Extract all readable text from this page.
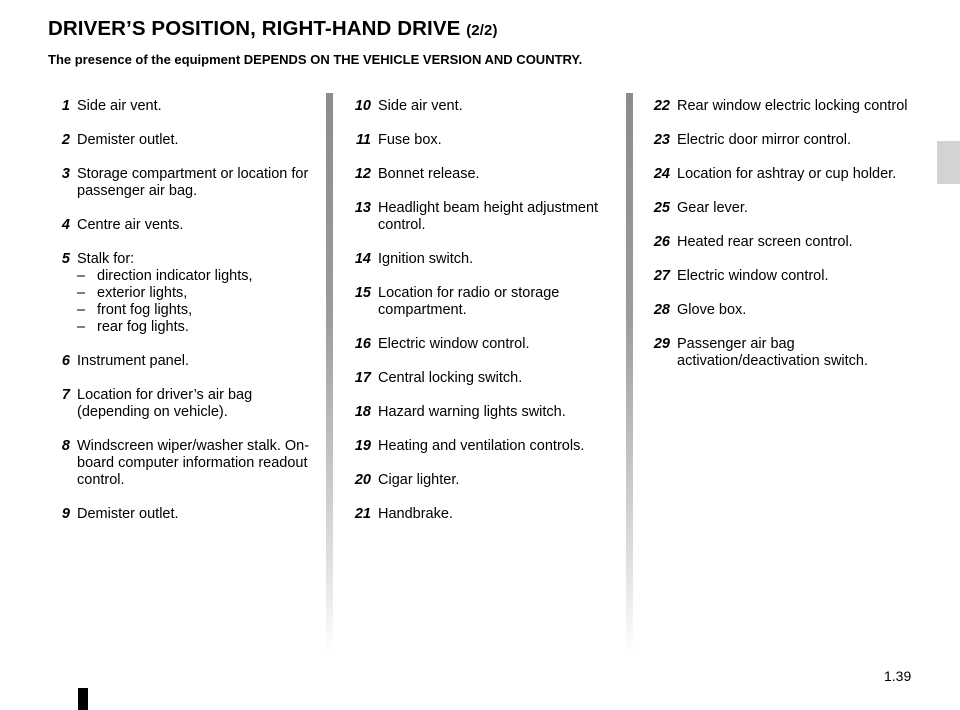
DRIVER’S POSITION, RIGHT-HAND DRIVE (2/2)

The presence of the equipment DEPENDS ON THE VEHICLE VERSION AND COUNTRY.

1 Side air vent.
2 Demister outlet.
3 Storage compartment or location for passenger air bag.
4 Centre air vents.
5 Stalk for:
– direction indicator lights,
– exterior lights,
– front fog lights,
– rear fog lights.
6 Instrument panel.
7 Location for driver’s air bag (depending on vehicle).
8 Windscreen wiper/washer stalk. On-board computer information readout control.
9 Demister outlet.
10 Side air vent.
11 Fuse box.
12 Bonnet release.
13 Headlight beam height adjustment control.
14 Ignition switch.
15 Location for radio or storage compartment.
16 Electric window control.
17 Central locking switch.
18 Hazard warning lights switch.
19 Heating and ventilation controls.
20 Cigar lighter.
21 Handbrake.
22 Rear window electric locking control
23 Electric door mirror control.
24 Location for ashtray or cup holder.
25 Gear lever.
26 Heated rear screen control.
27 Electric window control.
28 Glove box.
29 Passenger air bag activation/deactivation switch.
1.39
